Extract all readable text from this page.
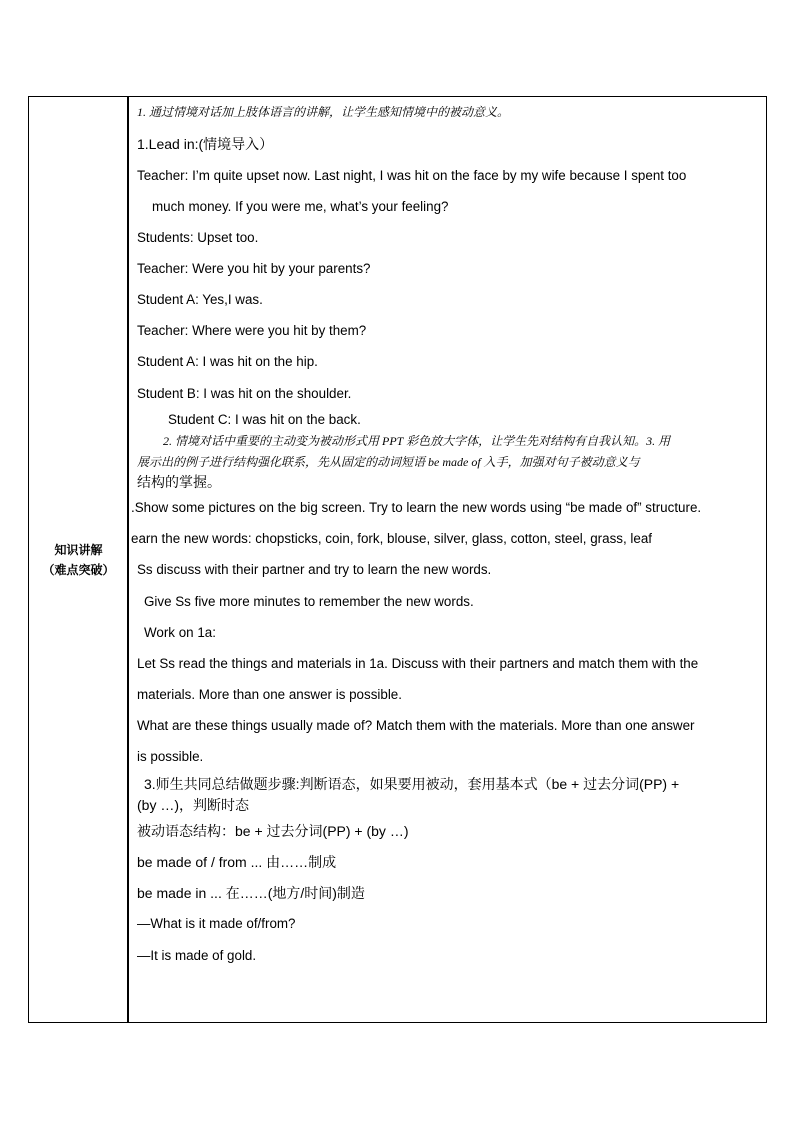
知识讲解
（难点突破）
1. 通过情境对话加上肢体语言的讲解，让学生感知情境中的被动意义。
1.Lead in:(情境导入）
Teacher: I’m quite upset now. Last night, I was hit on the face by my wife because I spent too
much money. If you were me, what’s your feeling?
Students: Upset too.
Teacher: Were you hit by your parents?
Student A: Yes,I was.
Teacher: Where were you hit by them?
Student A: I was hit on the hip.
Student B: I was hit on the shoulder.
Student C: I was hit on the back.
2. 情境对话中重要的主动变为被动形式用 PPT 彩色放大字体，让学生先对结构有自我认知。3. 用
展示出的例子进行结构强化联系，先从固定的动词短语 be made of 入手，加强对句子被动意义与
结构的掌握。
.Show some pictures on the big screen. Try to learn the new words using “be made of” structure.
earn the new words: chopsticks, coin, fork, blouse, silver, glass, cotton, steel, grass, leaf
Ss discuss with their partner and try to learn the new words.
Give Ss five more minutes to remember the new words.
Work on 1a:
Let Ss read the things and materials in 1a. Discuss with their partners and match them with the
materials. More than one answer is possible.
What are these things usually made of? Match them with the materials. More than one answer
is possible.
3.师生共同总结做题步骤:判断语态，如果要用被动，套用基本式（be + 过去分词(PP) +
(by …)，判断时态
被动语态结构：be + 过去分词(PP) + (by …)
be made of / from ... 由……制成
be made in ... 在……(地方/时间)制造
—What is it made of/from?
—It is made of gold.
